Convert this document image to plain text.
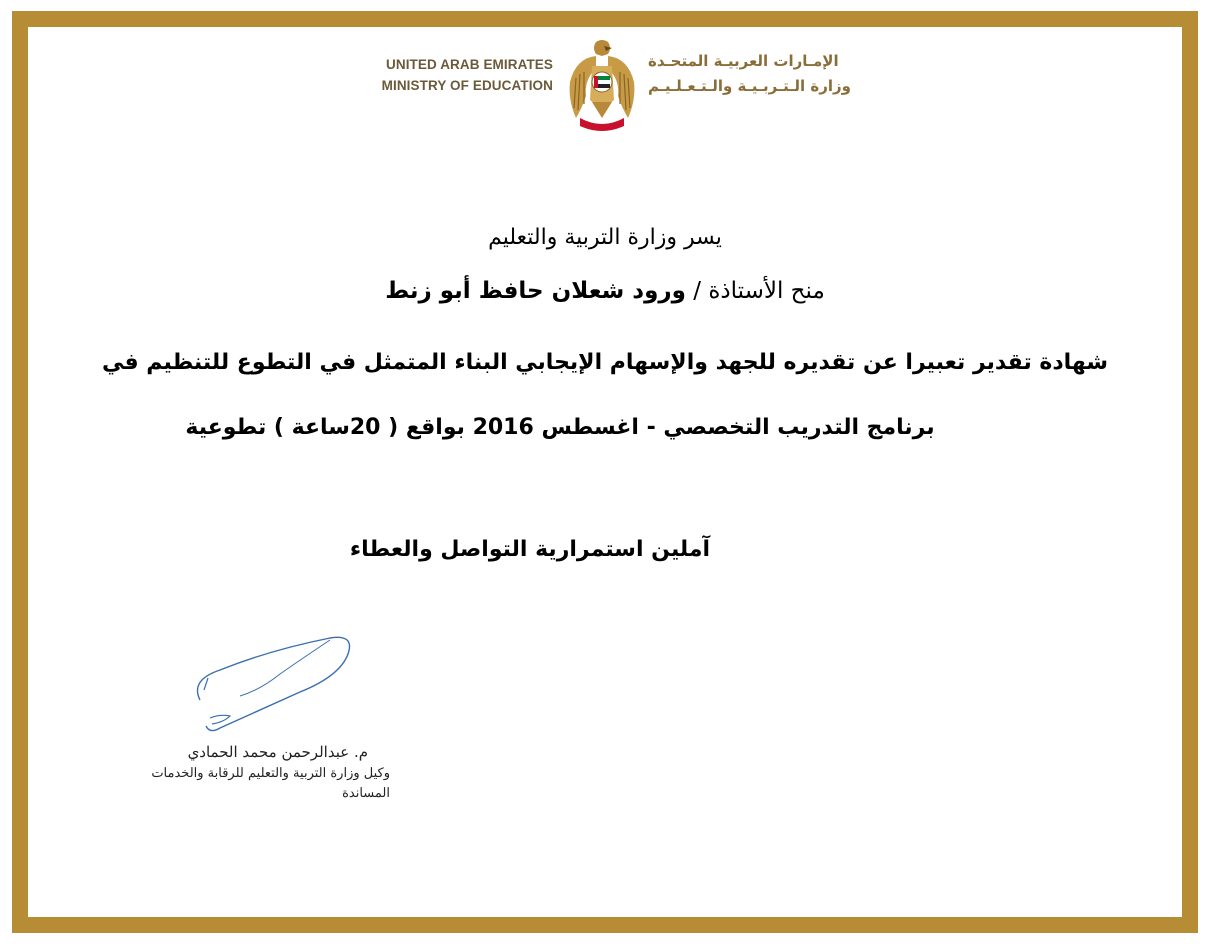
UNITED ARAB EMIRATES
MINISTRY OF EDUCATION
الإمـارات العربيـة المتحـدة
وزارة الـتـربـيـة والـتـعـلـيـم
يسر وزارة التربية والتعليم
منح الأستاذة / ورود شعلان حافظ أبو زنط
شهادة تقدير تعبيرا عن تقديره للجهد والإسهام الإيجابي البناء المتمثل في التطوع للتنظيم في
برنامج التدريب التخصصي - اغسطس 2016 بواقع ( 20ساعة ) تطوعية
آملين استمرارية التواصل والعطاء
م. عبدالرحمن محمد الحمادي
وكيل وزارة التربية والتعليم للرقابة والخدمات المساندة
